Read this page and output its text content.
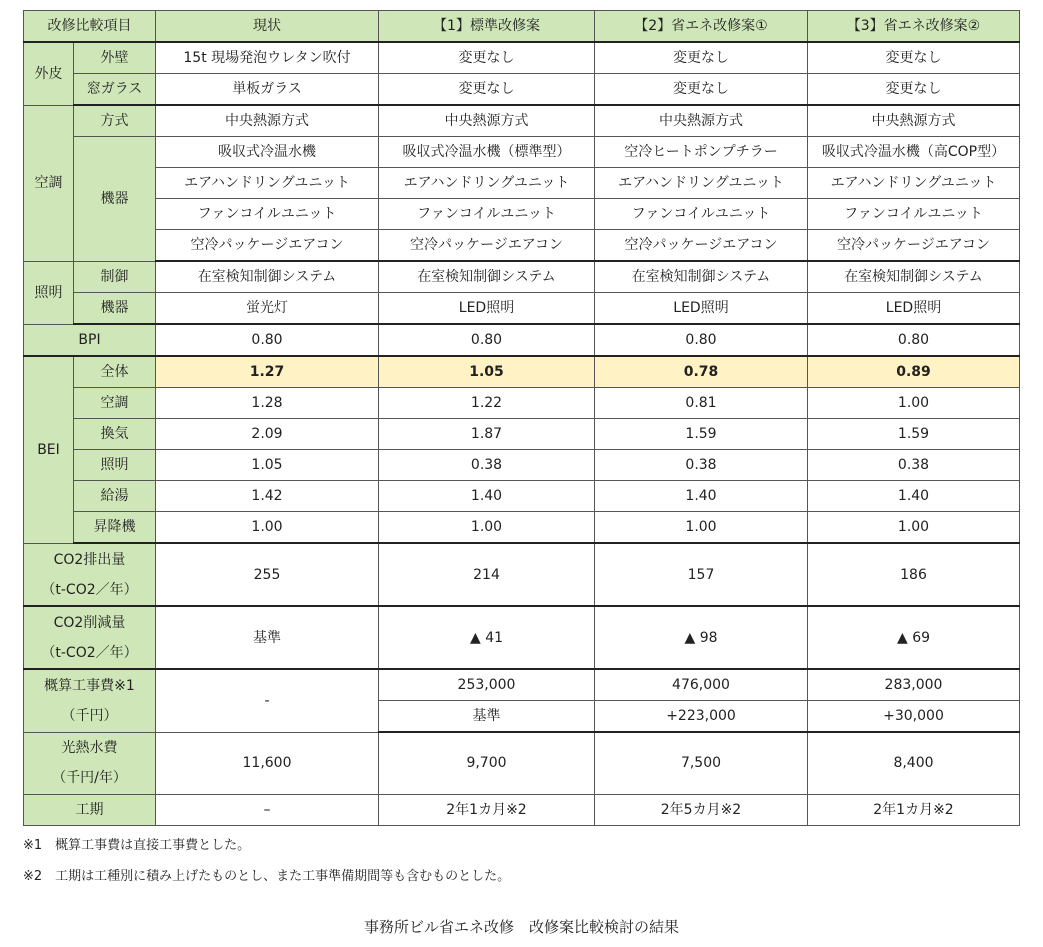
改修比較項目		現状	【1】標準改修案	【2】省エネ改修案①	【3】省エネ改修案②
外皮	外壁	15t 現場発泡ウレタン吹付	変更なし	変更なし	変更なし
	窓ガラス	単板ガラス	変更なし	変更なし	変更なし
空調	方式	中央熱源方式	中央熱源方式	中央熱源方式	中央熱源方式
	機器	吸収式冷温水機	吸収式冷温水機（標準型）	空冷ヒートポンプチラー	吸収式冷温水機（高COP型）
		エアハンドリングユニット	エアハンドリングユニット	エアハンドリングユニット	エアハンドリングユニット
		ファンコイルユニット	ファンコイルユニット	ファンコイルユニット	ファンコイルユニット
		空冷パッケージエアコン	空冷パッケージエアコン	空冷パッケージエアコン	空冷パッケージエアコン
照明	制御	在室検知制御システム	在室検知制御システム	在室検知制御システム	在室検知制御システム
	機器	蛍光灯	LED照明	LED照明	LED照明
BPI		0.80	0.80	0.80	0.80
BEI	全体	1.27	1.05	0.78	0.89
	空調	1.28	1.22	0.81	1.00
	換気	2.09	1.87	1.59	1.59
	照明	1.05	0.38	0.38	0.38
	給湯	1.42	1.40	1.40	1.40
	昇降機	1.00	1.00	1.00	1.00

CO2排出量
（t-CO2／年）		255	214	157	186

CO2削減量
（t-CO2／年）		基準	▲ 41	▲ 98	▲ 69

概算工事費※1
（千円）		-	253,000	476,000	283,000
			基準	+223,000	+30,000

光熱水費
（千円/年）		11,600	9,700	7,500	8,400
工期		–	2年1カ月※2	2年5カ月※2	2年1カ月※2
※1　概算工事費は直接工事費とした。
※2　工期は工種別に積み上げたものとし、また工事準備期間等も含むものとした。
事務所ビル省エネ改修　改修案比較検討の結果
